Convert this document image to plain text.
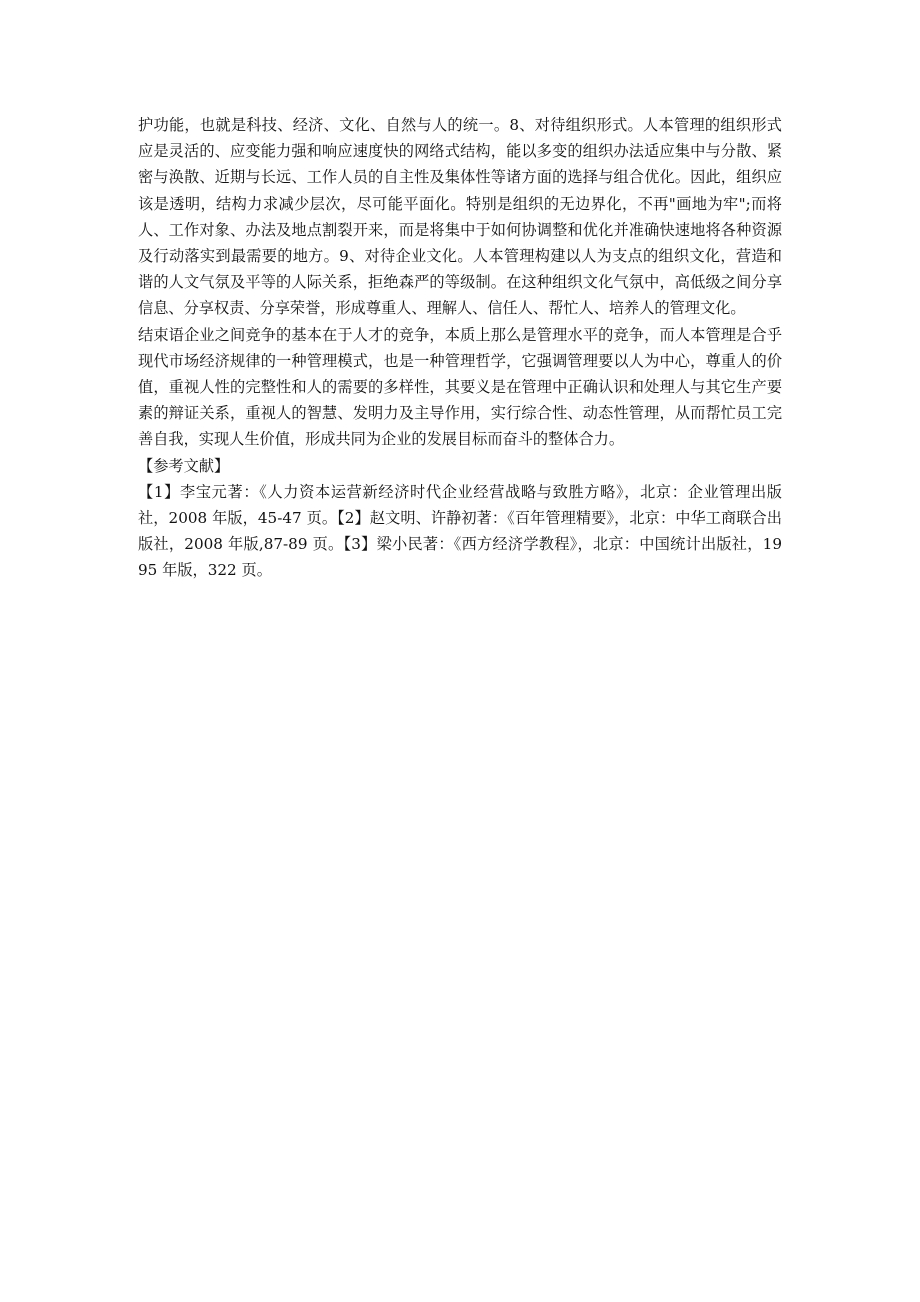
护功能，也就是科技、经济、文化、自然与人的统一。8、对待组织形式。人本管理的组织形式应是灵活的、应变能力强和响应速度快的网络式结构，能以多变的组织办法适应集中与分散、紧密与涣散、近期与长远、工作人员的自主性及集体性等诸方面的选择与组合优化。因此，组织应该是透明，结构力求减少层次，尽可能平面化。特别是组织的无边界化，不再"画地为牢";而将人、工作对象、办法及地点割裂开来，而是将集中于如何协调整和优化并准确快速地将各种资源及行动落实到最需要的地方。9、对待企业文化。人本管理构建以人为支点的组织文化，营造和谐的人文气氛及平等的人际关系，拒绝森严的等级制。在这种组织文化气氛中，高低级之间分享信息、分享权责、分享荣誉，形成尊重人、理解人、信任人、帮忙人、培养人的管理文化。

结束语企业之间竞争的基本在于人才的竞争，本质上那么是管理水平的竞争，而人本管理是合乎现代市场经济规律的一种管理模式，也是一种管理哲学，它强调管理要以人为中心，尊重人的价值，重视人性的完整性和人的需要的多样性，其要义是在管理中正确认识和处理人与其它生产要素的辩证关系，重视人的智慧、发明力及主导作用，实行综合性、动态性管理，从而帮忙员工完善自我，实现人生价值，形成共同为企业的发展目标而奋斗的整体合力。

【参考文献】

【1】李宝元著：《人力资本运营新经济时代企业经营战略与致胜方略》，北京：企业管理出版社，2008 年版，45-47 页。【2】赵文明、许静初著：《百年管理精要》，北京：中华工商联合出版社，2008 年版,87-89 页。【3】梁小民著：《西方经济学教程》，北京：中国统计出版社，1995 年版，322 页。
